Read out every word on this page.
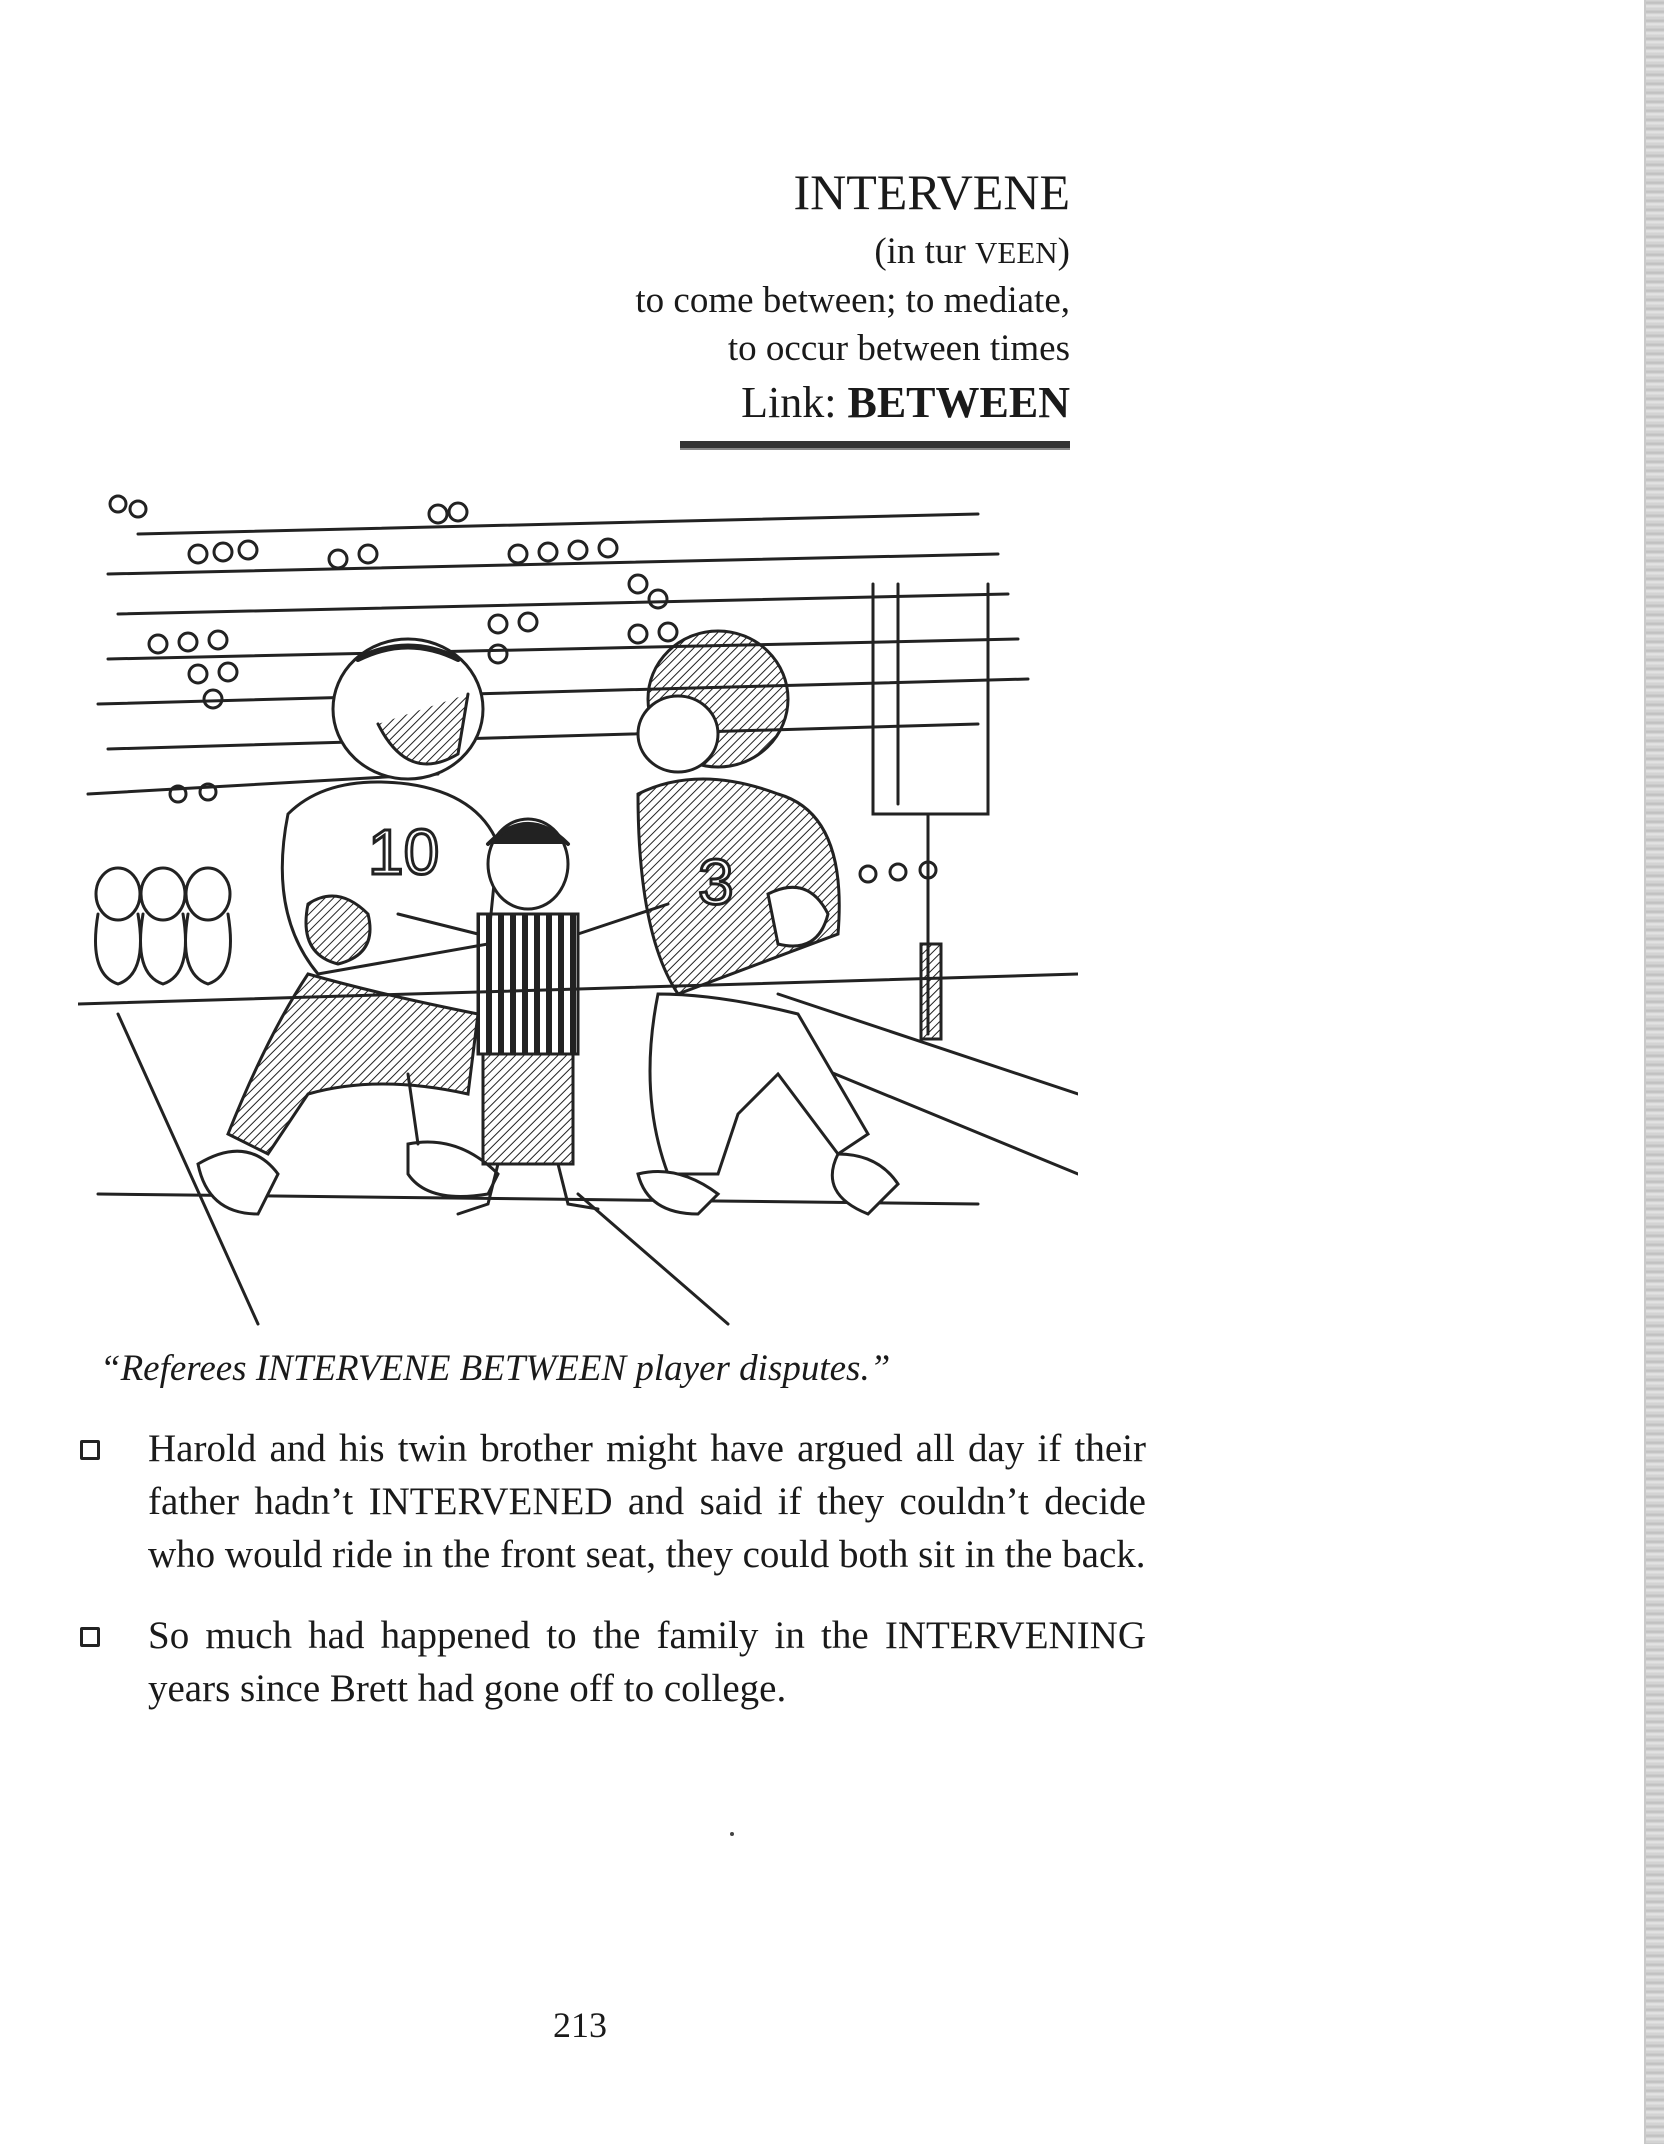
INTERVENE
(in tur VEEN)
to come between; to mediate,
to occur between times
Link: BETWEEN
10	3
“Referees INTERVENE BETWEEN player disputes.”
Harold and his twin brother might have argued all day if their father hadn’t INTERVENED and said if they couldn’t decide who would ride in the front seat, they could both sit in the back.
So much had happened to the family in the INTERVENING years since Brett had gone off to college.
213
